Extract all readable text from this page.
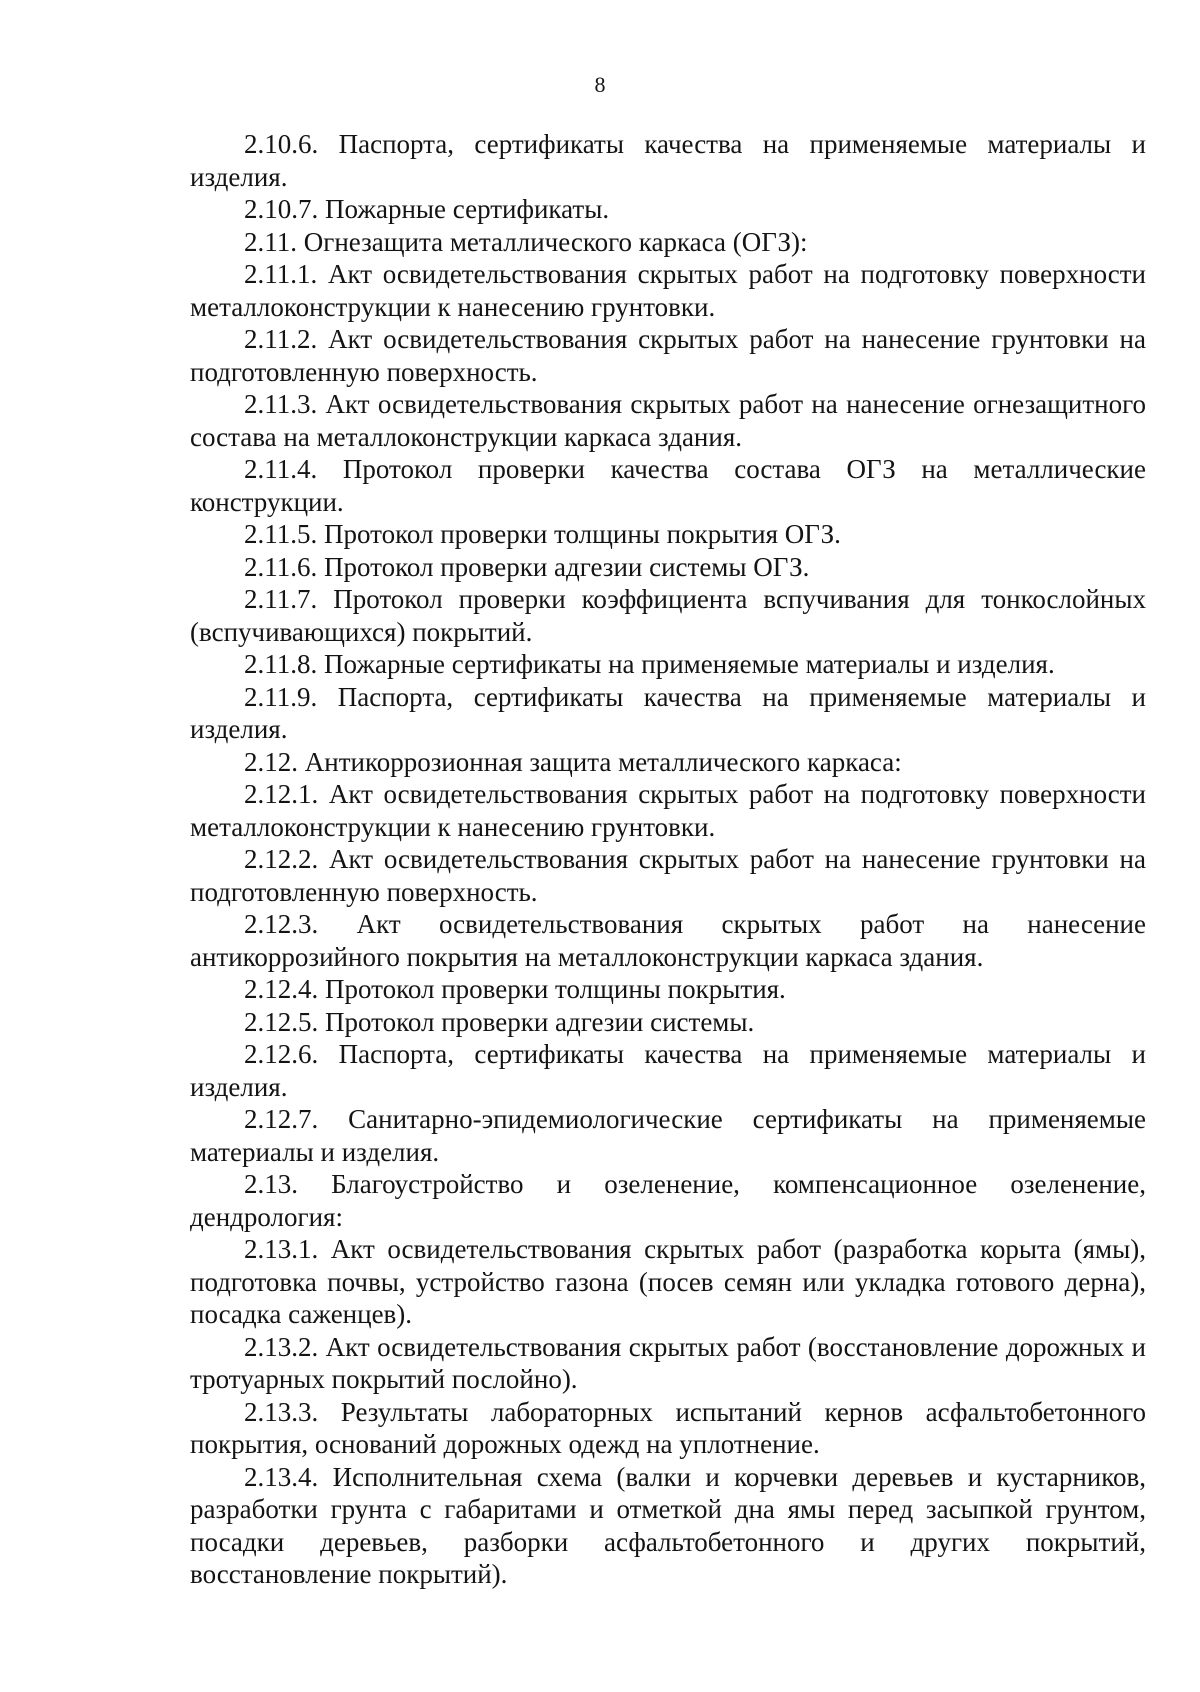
8

2.10.6. Паспорта, сертификаты качества на применяемые материалы и изделия.

2.10.7. Пожарные сертификаты.

2.11. Огнезащита металлического каркаса (ОГЗ):

2.11.1. Акт освидетельствования скрытых работ на подготовку поверхности металлоконструкции к нанесению грунтовки.

2.11.2. Акт освидетельствования скрытых работ на нанесение грунтовки на подготовленную поверхность.

2.11.3. Акт освидетельствования скрытых работ на нанесение огнезащитного состава на металлоконструкции каркаса здания.

2.11.4. Протокол проверки качества состава ОГЗ на металлические конструкции.

2.11.5. Протокол проверки толщины покрытия ОГЗ.

2.11.6. Протокол проверки адгезии системы ОГЗ.

2.11.7. Протокол проверки коэффициента вспучивания для тонкослойных (вспучивающихся) покрытий.

2.11.8. Пожарные сертификаты на применяемые материалы и изделия.

2.11.9. Паспорта, сертификаты качества на применяемые материалы и изделия.

2.12. Антикоррозионная защита металлического каркаса:

2.12.1. Акт освидетельствования скрытых работ на подготовку поверхности металлоконструкции к нанесению грунтовки.

2.12.2. Акт освидетельствования скрытых работ на нанесение грунтовки на подготовленную поверхность.

2.12.3. Акт освидетельствования скрытых работ на нанесение антикоррозийного покрытия на металлоконструкции каркаса здания.

2.12.4. Протокол проверки толщины покрытия.

2.12.5. Протокол проверки адгезии системы.

2.12.6. Паспорта, сертификаты качества на применяемые материалы и изделия.

2.12.7. Санитарно-эпидемиологические сертификаты на применяемые материалы и изделия.

2.13. Благоустройство и озеленение, компенсационное озеленение, дендрология:

2.13.1. Акт освидетельствования скрытых работ (разработка корыта (ямы), подготовка почвы, устройство газона (посев семян или укладка готового дерна), посадка саженцев).

2.13.2. Акт освидетельствования скрытых работ (восстановление дорожных и тротуарных покрытий послойно).

2.13.3. Результаты лабораторных испытаний кернов асфальтобетонного покрытия, оснований дорожных одежд на уплотнение.

2.13.4. Исполнительная схема (валки и корчевки деревьев и кустарников, разработки грунта с габаритами и отметкой дна ямы перед засыпкой грунтом, посадки деревьев, разборки асфальтобетонного и других покрытий, восстановление покрытий).
